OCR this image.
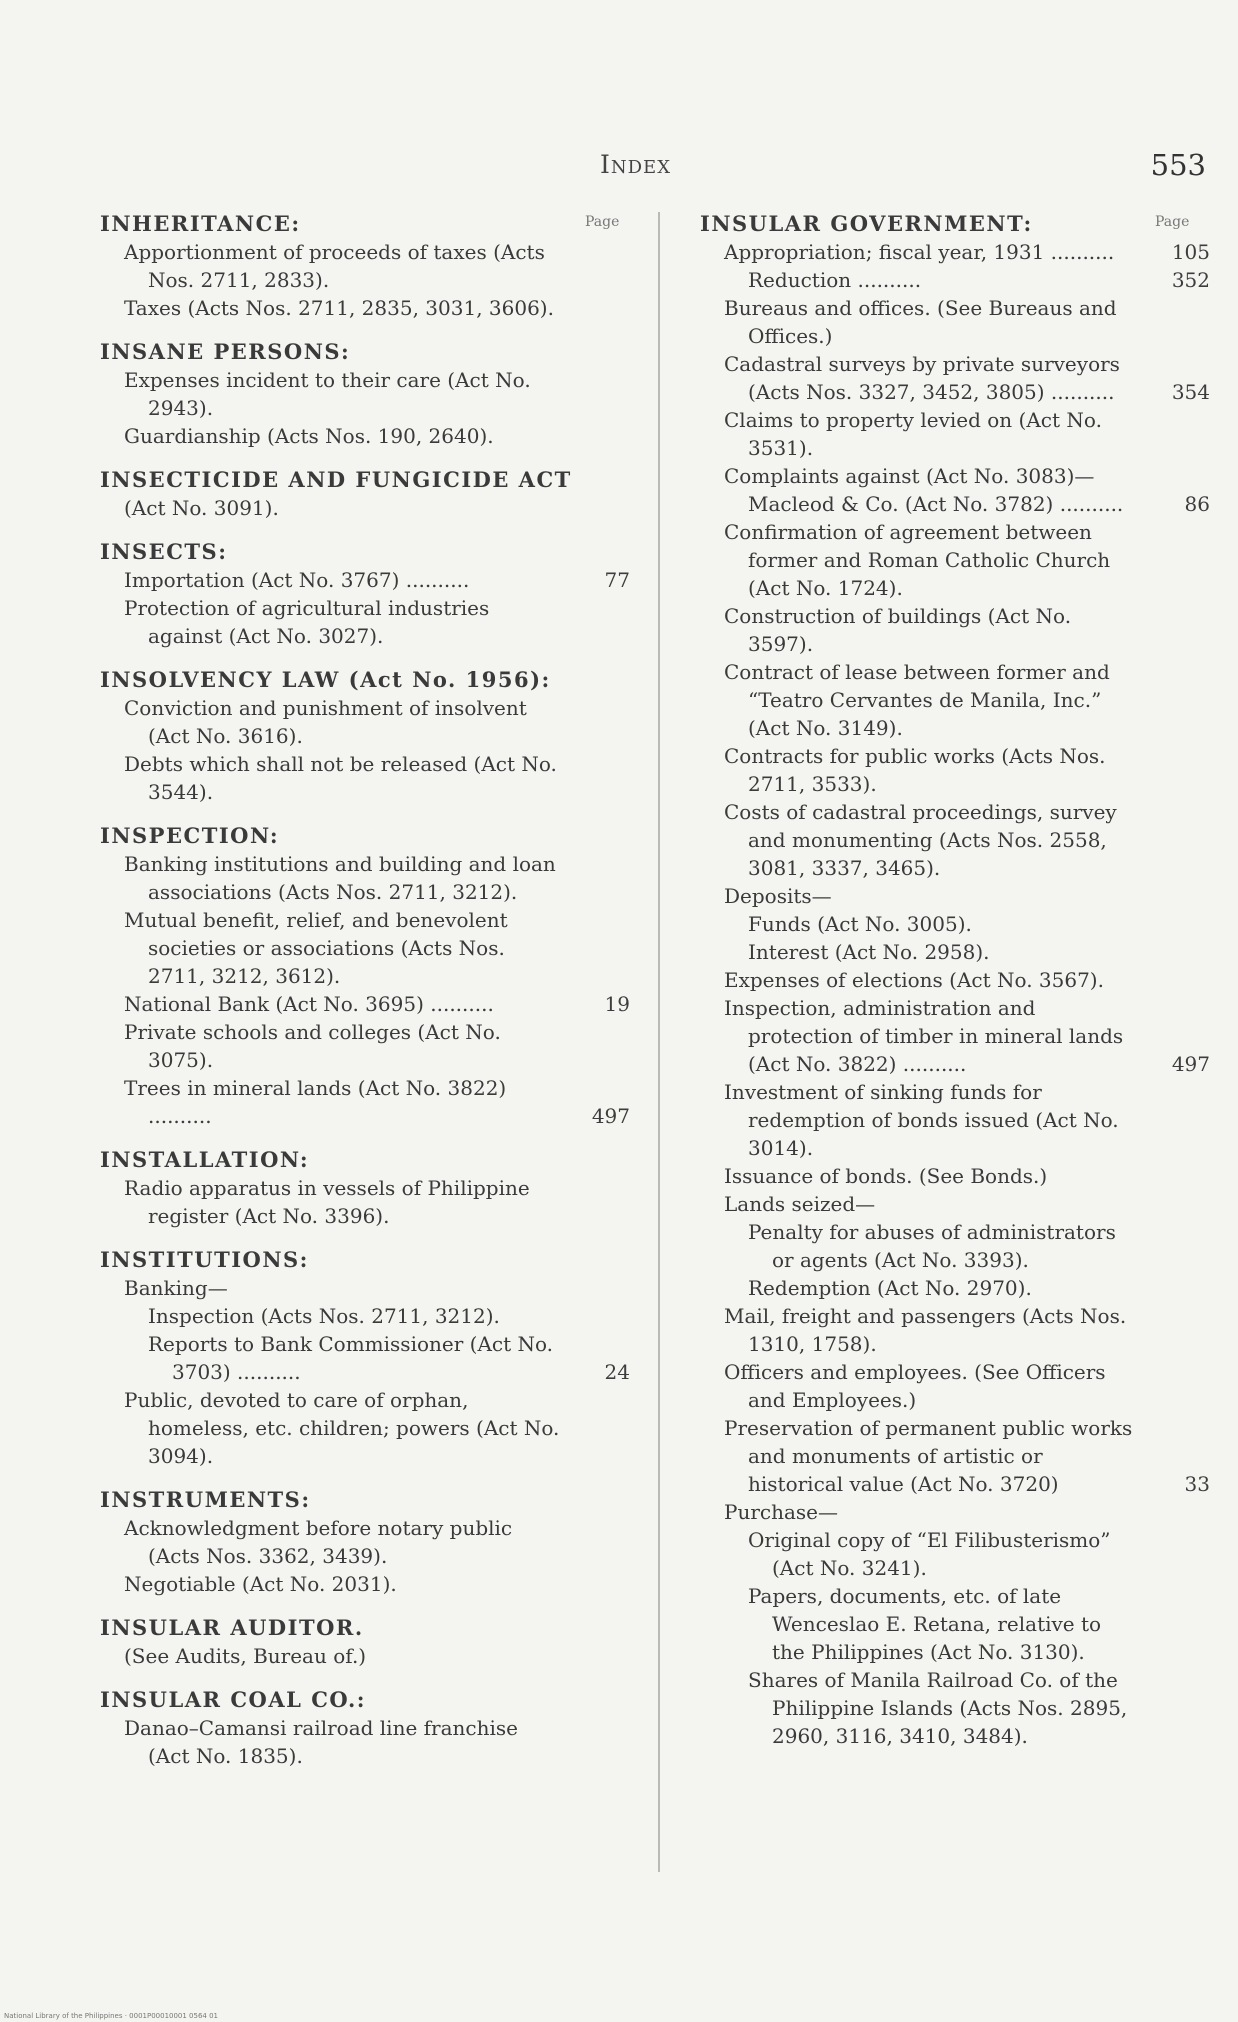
Index	553
Page
INHERITANCE:
Apportionment of proceeds of taxes (Acts Nos. 2711, 2833).
Taxes (Acts Nos. 2711, 2835, 3031, 3606).
INSANE PERSONS:
Expenses incident to their care (Act No. 2943).
Guardianship (Acts Nos. 190, 2640).
INSECTICIDE AND FUNGICIDE ACT
(Act No. 3091).
INSECTS:
Importation (Act No. 3767) ..........	77
Protection of agricultural industries against (Act No. 3027).
INSOLVENCY LAW (Act No. 1956):
Conviction and punishment of insolvent (Act No. 3616).
Debts which shall not be released (Act No. 3544).
INSPECTION:
Banking institutions and building and loan associations (Acts Nos. 2711, 3212).
Mutual benefit, relief, and benevolent societies or associations (Acts Nos. 2711, 3212, 3612).
National Bank (Act No. 3695) ..........	19
Private schools and colleges (Act No. 3075).
Trees in mineral lands (Act No. 3822) ..........	497
INSTALLATION:
Radio apparatus in vessels of Philippine register (Act No. 3396).
INSTITUTIONS:
Banking—
Inspection (Acts Nos. 2711, 3212).
Reports to Bank Commissioner (Act No. 3703) ..........	24
Public, devoted to care of orphan, homeless, etc. children; powers (Act No. 3094).
INSTRUMENTS:
Acknowledgment before notary public (Acts Nos. 3362, 3439).
Negotiable (Act No. 2031).
INSULAR AUDITOR.
(See Audits, Bureau of.)
INSULAR COAL CO.:
Danao–Camansi railroad line franchise (Act No. 1835).
Page
INSULAR GOVERNMENT:
Appropriation; fiscal year, 1931 ..........	105
Reduction ..........	352
Bureaus and offices. (See Bureaus and Offices.)
Cadastral surveys by private surveyors (Acts Nos. 3327, 3452, 3805) ..........	354
Claims to property levied on (Act No. 3531).
Complaints against (Act No. 3083)—
Macleod & Co. (Act No. 3782) ..........	86
Confirmation of agreement between former and Roman Catholic Church (Act No. 1724).
Construction of buildings (Act No. 3597).
Contract of lease between former and “Teatro Cervantes de Manila, Inc.” (Act No. 3149).
Contracts for public works (Acts Nos. 2711, 3533).
Costs of cadastral proceedings, survey and monumenting (Acts Nos. 2558, 3081, 3337, 3465).
Deposits—
Funds (Act No. 3005).
Interest (Act No. 2958).
Expenses of elections (Act No. 3567).
Inspection, administration and protection of timber in mineral lands (Act No. 3822) ..........	497
Investment of sinking funds for redemption of bonds issued (Act No. 3014).
Issuance of bonds. (See Bonds.)
Lands seized—
Penalty for abuses of administrators or agents (Act No. 3393).
Redemption (Act No. 2970).
Mail, freight and passengers (Acts Nos. 1310, 1758).
Officers and employees. (See Officers and Employees.)
Preservation of permanent public works and monuments of artistic or historical value (Act No. 3720)	33
Purchase—
Original copy of “El Filibusterismo” (Act No. 3241).
Papers, documents, etc. of late Wenceslao E. Retana, relative to the Philippines (Act No. 3130).
Shares of Manila Railroad Co. of the Philippine Islands (Acts Nos. 2895, 2960, 3116, 3410, 3484).
National Library of the Philippines · 0001P00010001 0564 01
